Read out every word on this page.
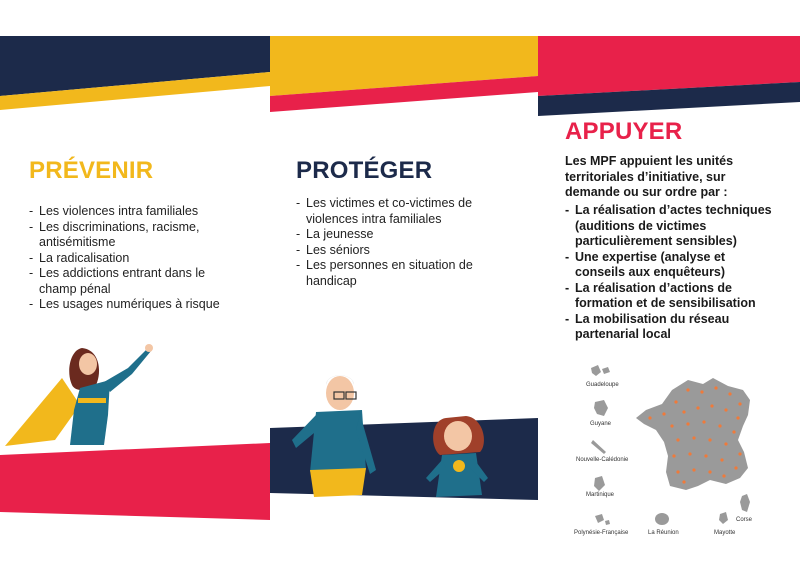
PRÉVENIR
- Les violences intra familiales
- Les discriminations, racisme, antisémitisme
- La radicalisation
- Les addictions entrant dans le champ pénal
- Les usages numériques à risque
PROTÉGER
- Les victimes et co-victimes de violences intra familiales
- La jeunesse
- Les séniors
- Les personnes en situation de handicap
APPUYER

Les MPF appuient les unités territoriales d’initiative, sur demande ou sur ordre par :

- La réalisation d’actes techniques (auditions de victimes particulièrement sensibles)
- Une expertise (analyse et conseils aux enquêteurs)
- La réalisation d’actions de formation et de sensibilisation
- La mobilisation du réseau partenarial local
Guadeloupe
Guyane
Nouvelle-Calédonie
Martinique
Polynésie-Française	La Réunion	Mayotte
Corse
